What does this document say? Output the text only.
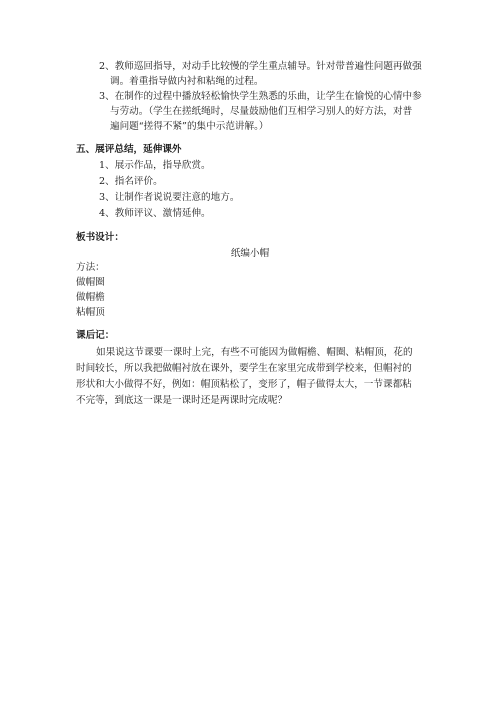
2、教师巡回指导，对动手比较慢的学生重点辅导。针对带普遍性问题再做强
调。着重指导做内衬和粘绳的过程。
3、在制作的过程中播放轻松愉快学生熟悉的乐曲，让学生在愉悦的心情中参
与劳动。（学生在搓纸绳时，尽量鼓励他们互相学习别人的好方法，对普
遍问题“搓得不紧”的集中示范讲解。）
五、展评总结，延伸课外
1、展示作品，指导欣赏。
2、指名评价。
3、让制作者说说要注意的地方。
4、教师评议、激情延伸。
板书设计：
纸编小帽
方法：
做帽圈
做帽檐
粘帽顶
课后记：
如果说这节课要一课时上完，有些不可能因为做帽檐、帽圈、粘帽顶，花的
时间较长，所以我把做帽衬放在课外，要学生在家里完成带到学校来，但帽衬的
形状和大小做得不好，例如：帽顶粘松了，变形了，帽子做得太大，一节课都粘
不完等，到底这一课是一课时还是两课时完成呢？
